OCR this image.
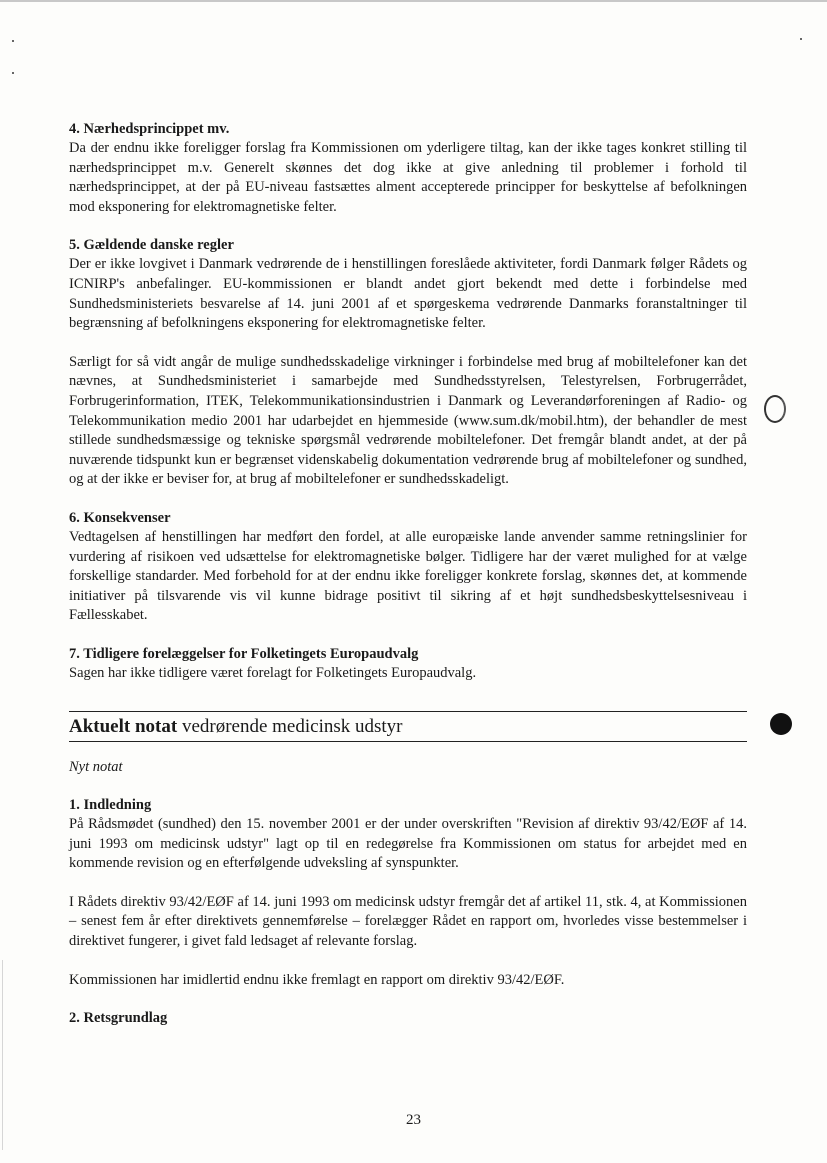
4. Nærhedsprincippet mv.

Da der endnu ikke foreligger forslag fra Kommissionen om yderligere tiltag, kan der ikke tages konkret stilling til nærhedsprincippet m.v. Generelt skønnes det dog ikke at give anledning til problemer i forhold til nærhedsprincippet, at der på EU-niveau fastsættes alment accepterede principper for beskyttelse af befolkningen mod eksponering for elektromagnetiske felter.

5. Gældende danske regler

Der er ikke lovgivet i Danmark vedrørende de i henstillingen foreslåede aktiviteter, fordi Danmark følger Rådets og ICNIRP's anbefalinger. EU-kommissionen er blandt andet gjort bekendt med dette i forbindelse med Sundhedsministeriets besvarelse af 14. juni 2001 af et spørgeskema vedrørende Danmarks foranstaltninger til begrænsning af befolkningens eksponering for elektromagnetiske felter.

Særligt for så vidt angår de mulige sundhedsskadelige virkninger i forbindelse med brug af mobiltelefoner kan det nævnes, at Sundhedsministeriet i samarbejde med Sundhedsstyrelsen, Telestyrelsen, Forbrugerrådet, Forbrugerinformation, ITEK, Telekommunikationsindustrien i Danmark og Leverandørforeningen af Radio- og Telekommunikation medio 2001 har udarbejdet en hjemmeside (www.sum.dk/mobil.htm), der behandler de mest stillede sundhedsmæssige og tekniske spørgsmål vedrørende mobiltelefoner. Det fremgår blandt andet, at der på nuværende tidspunkt kun er begrænset videnskabelig dokumentation vedrørende brug af mobiltelefoner og sundhed, og at der ikke er beviser for, at brug af mobiltelefoner er sundhedsskadeligt.

6. Konsekvenser

Vedtagelsen af henstillingen har medført den fordel, at alle europæiske lande anvender samme retningslinier for vurdering af risikoen ved udsættelse for elektromagnetiske bølger. Tidligere har der været mulighed for at vælge forskellige standarder. Med forbehold for at der endnu ikke foreligger konkrete forslag, skønnes det, at kommende initiativer på tilsvarende vis vil kunne bidrage positivt til sikring af et højt sundhedsbeskyttelsesniveau i Fællesskabet.

7. Tidligere forelæggelser for Folketingets Europaudvalg

Sagen har ikke tidligere været forelagt for Folketingets Europaudvalg.

Aktuelt notat vedrørende medicinsk udstyr

Nyt notat

1. Indledning

På Rådsmødet (sundhed) den 15. november 2001 er der under overskriften "Revision af direktiv 93/42/EØF af 14. juni 1993 om medicinsk udstyr" lagt op til en redegørelse fra Kommissionen om status for arbejdet med en kommende revision og en efterfølgende udveksling af synspunkter.

I Rådets direktiv 93/42/EØF af 14. juni 1993 om medicinsk udstyr fremgår det af artikel 11, stk. 4, at Kommissionen – senest fem år efter direktivets gennemførelse – forelægger Rådet en rapport om, hvorledes visse bestemmelser i direktivet fungerer, i givet fald ledsaget af relevante forslag.

Kommissionen har imidlertid endnu ikke fremlagt en rapport om direktiv 93/42/EØF.

2. Retsgrundlag

23
